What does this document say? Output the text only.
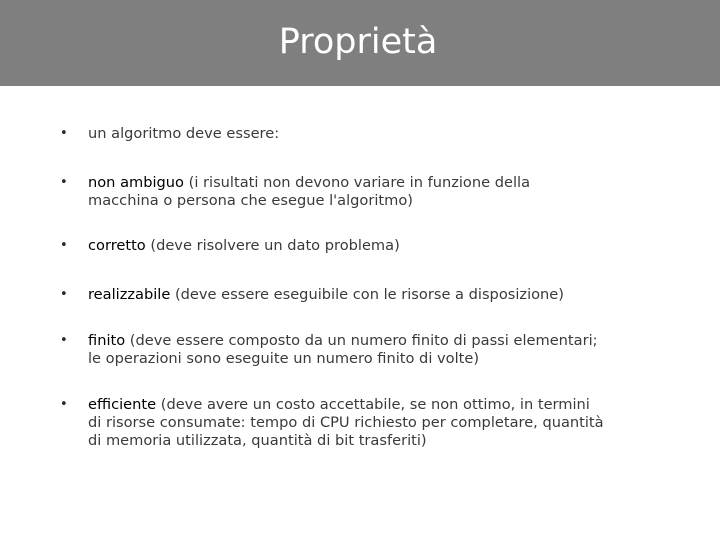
Proprietà
• un algoritmo deve essere:
• non ambiguo (i risultati non devono variare in funzione della
macchina o persona che esegue l'algoritmo)
• corretto (deve risolvere un dato problema)
• realizzabile (deve essere eseguibile con le risorse a disposizione)
• finito (deve essere composto da un numero finito di passi elementari;
le operazioni sono eseguite un numero finito di volte)
• efficiente (deve avere un costo accettabile, se non ottimo, in termini
di risorse consumate: tempo di CPU richiesto per completare, quantità
di memoria utilizzata, quantità di bit trasferiti)
